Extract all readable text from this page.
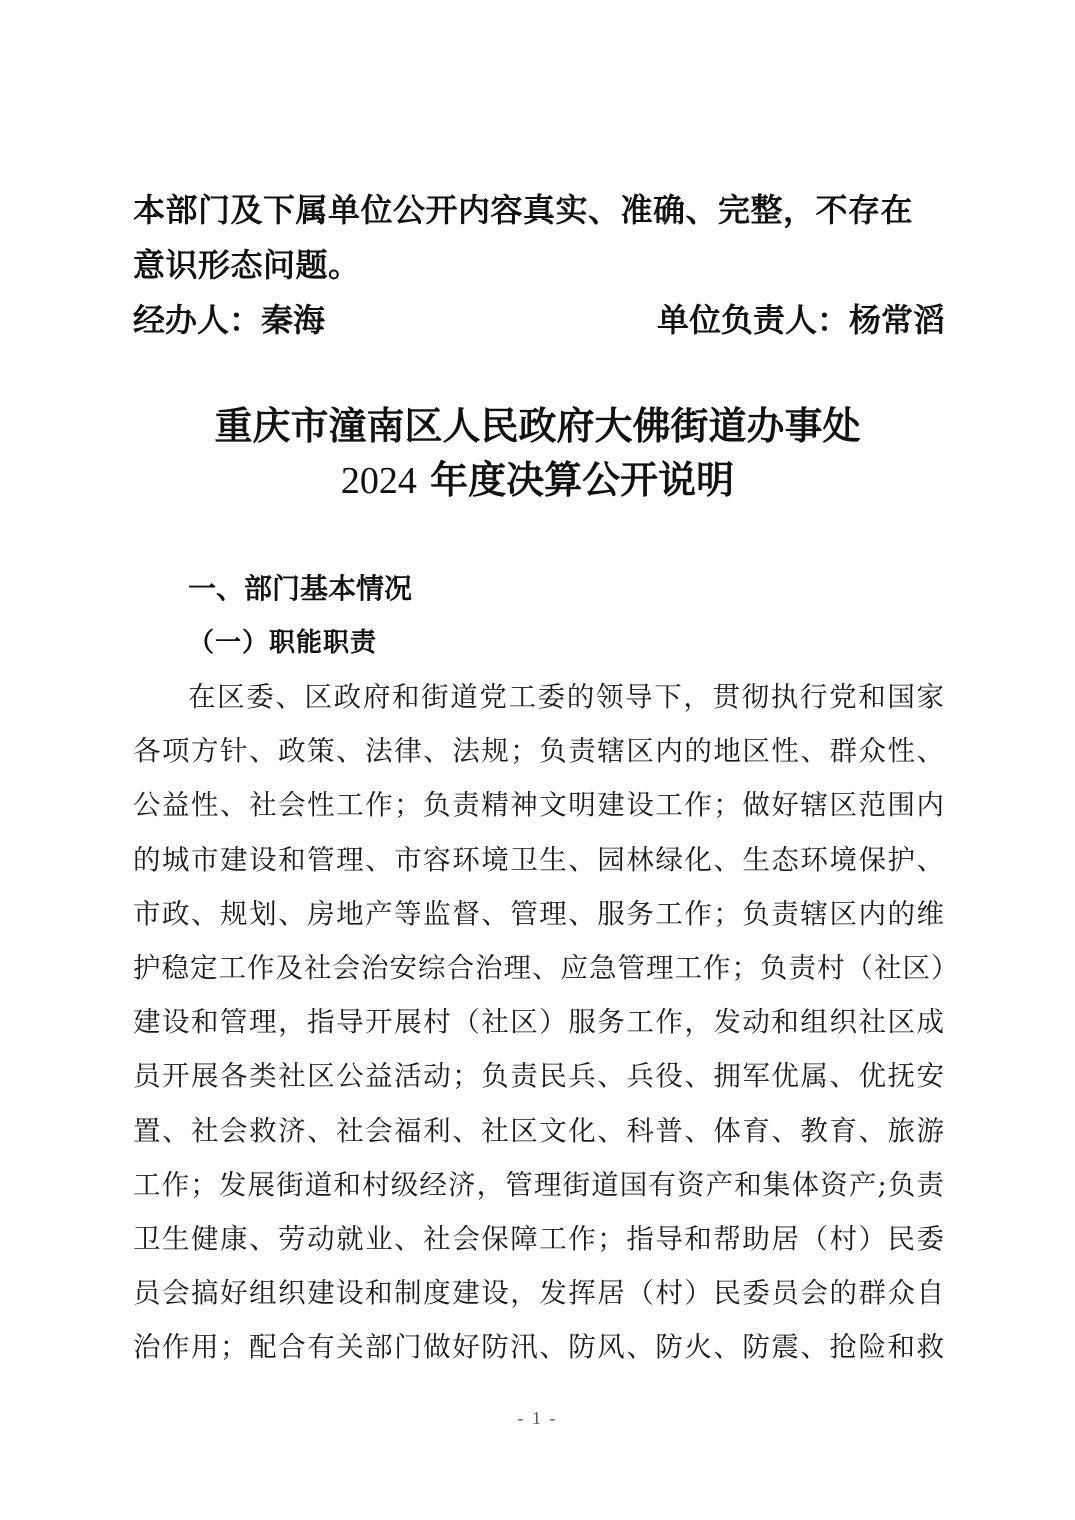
本部门及下属单位公开内容真实、准确、完整，不存在意识形态问题。

经办人：秦海	单位负责人：杨常滔
重庆市潼南区人民政府大佛街道办事处
2024 年度决算公开说明
一、部门基本情况
（一）职能职责
在区委、区政府和街道党工委的领导下，贯彻执行党和国家
各项方针、政策、法律、法规；负责辖区内的地区性、群众性、
公益性、社会性工作；负责精神文明建设工作；做好辖区范围内
的城市建设和管理、市容环境卫生、园林绿化、生态环境保护、
市政、规划、房地产等监督、管理、服务工作；负责辖区内的维
护稳定工作及社会治安综合治理、应急管理工作；负责村（社区）
建设和管理，指导开展村（社区）服务工作，发动和组织社区成
员开展各类社区公益活动；负责民兵、兵役、拥军优属、优抚安
置、社会救济、社会福利、社区文化、科普、体育、教育、旅游
工作；发展街道和村级经济，管理街道国有资产和集体资产;负责
卫生健康、劳动就业、社会保障工作；指导和帮助居（村）民委
员会搞好组织建设和制度建设，发挥居（村）民委员会的群众自
治作用；配合有关部门做好防汛、防风、防火、防震、抢险和救
- 1 -
